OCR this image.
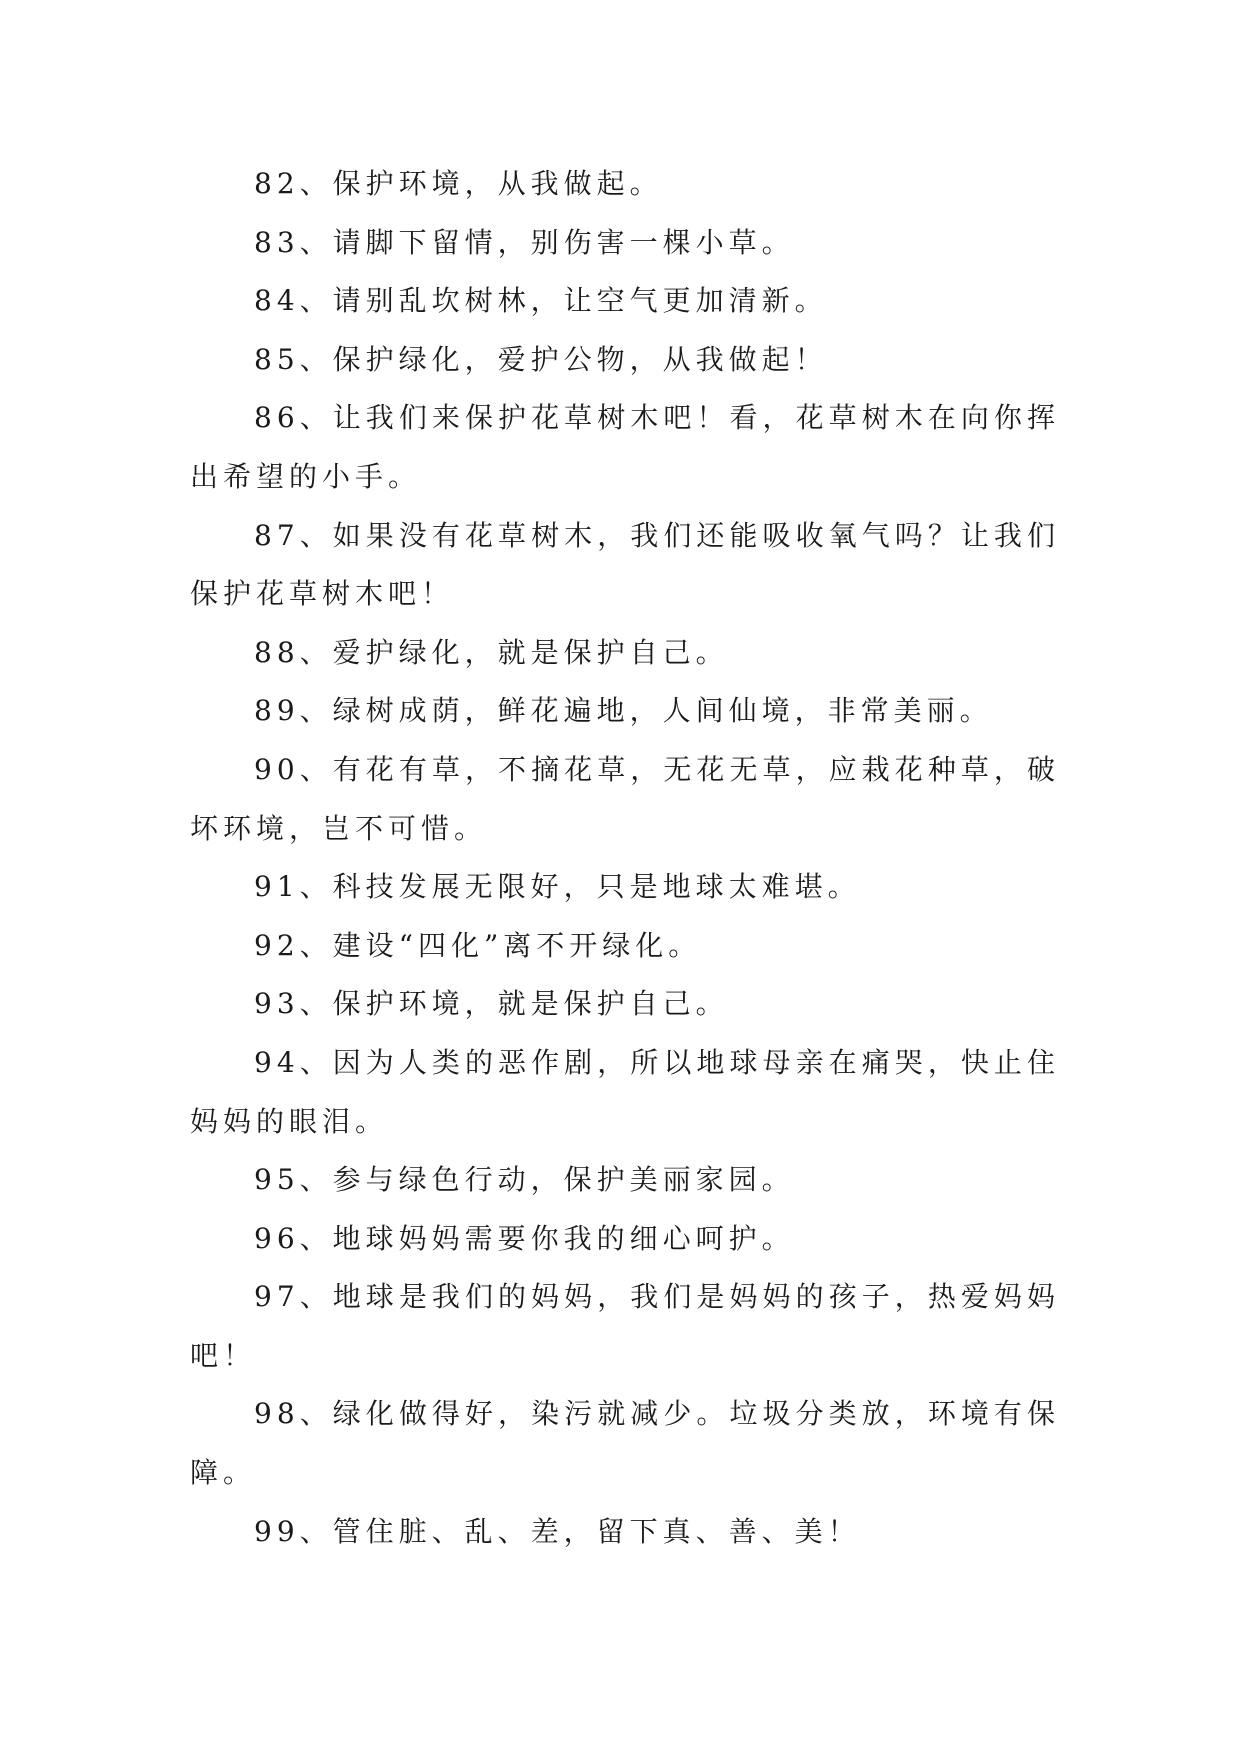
82、保护环境，从我做起。

83、请脚下留情，别伤害一棵小草。

84、请别乱坎树林，让空气更加清新。

85、保护绿化，爱护公物，从我做起！

86、让我们来保护花草树木吧！看，花草树木在向你挥出希望的小手。

87、如果没有花草树木，我们还能吸收氧气吗？让我们保护花草树木吧！

88、爱护绿化，就是保护自己。

89、绿树成荫，鲜花遍地，人间仙境，非常美丽。

90、有花有草，不摘花草，无花无草，应栽花种草，破坏环境，岂不可惜。

91、科技发展无限好，只是地球太难堪。

92、建设“四化”离不开绿化。

93、保护环境，就是保护自己。

94、因为人类的恶作剧，所以地球母亲在痛哭，快止住妈妈的眼泪。

95、参与绿色行动，保护美丽家园。

96、地球妈妈需要你我的细心呵护。

97、地球是我们的妈妈，我们是妈妈的孩子，热爱妈妈吧！

98、绿化做得好，染污就减少。垃圾分类放，环境有保障。

99、管住脏、乱、差，留下真、善、美！
